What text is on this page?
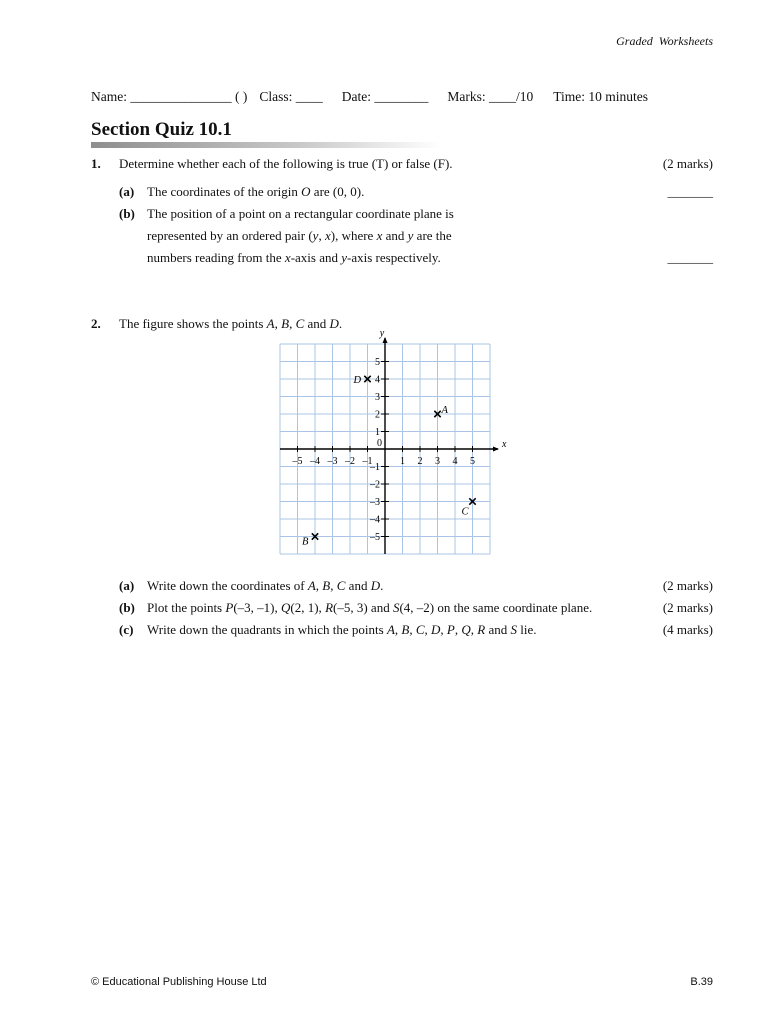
Graded Worksheets
Name: _______________ ( ) Class: ____ Date: ________ Marks: ____/10 Time: 10 minutes
Section Quiz 10.1
1. Determine whether each of the following is true (T) or false (F).	(2 marks)
(a) The coordinates of the origin O are (0, 0).	_______
(b) The position of a point on a rectangular coordinate plane is
represented by an ordered pair (y, x), where x and y are the
numbers reading from the x-axis and y-axis respectively.	_______
2. The figure shows the points A, B, C and D.
x
y
0
–5 –4 –3 –2 –1	1 2 3 4 5
5
4
3
2
1
–1
–2
–3
–4
–5
A
B
C
D
(a) Write down the coordinates of A, B, C and D.	(2 marks)
(b) Plot the points P(–3, –1), Q(2, 1), R(–5, 3) and S(4, –2) on the same coordinate plane.	(2 marks)
(c) Write down the quadrants in which the points A, B, C, D, P, Q, R and S lie.	(4 marks)
© Educational Publishing House Ltd	B.39
